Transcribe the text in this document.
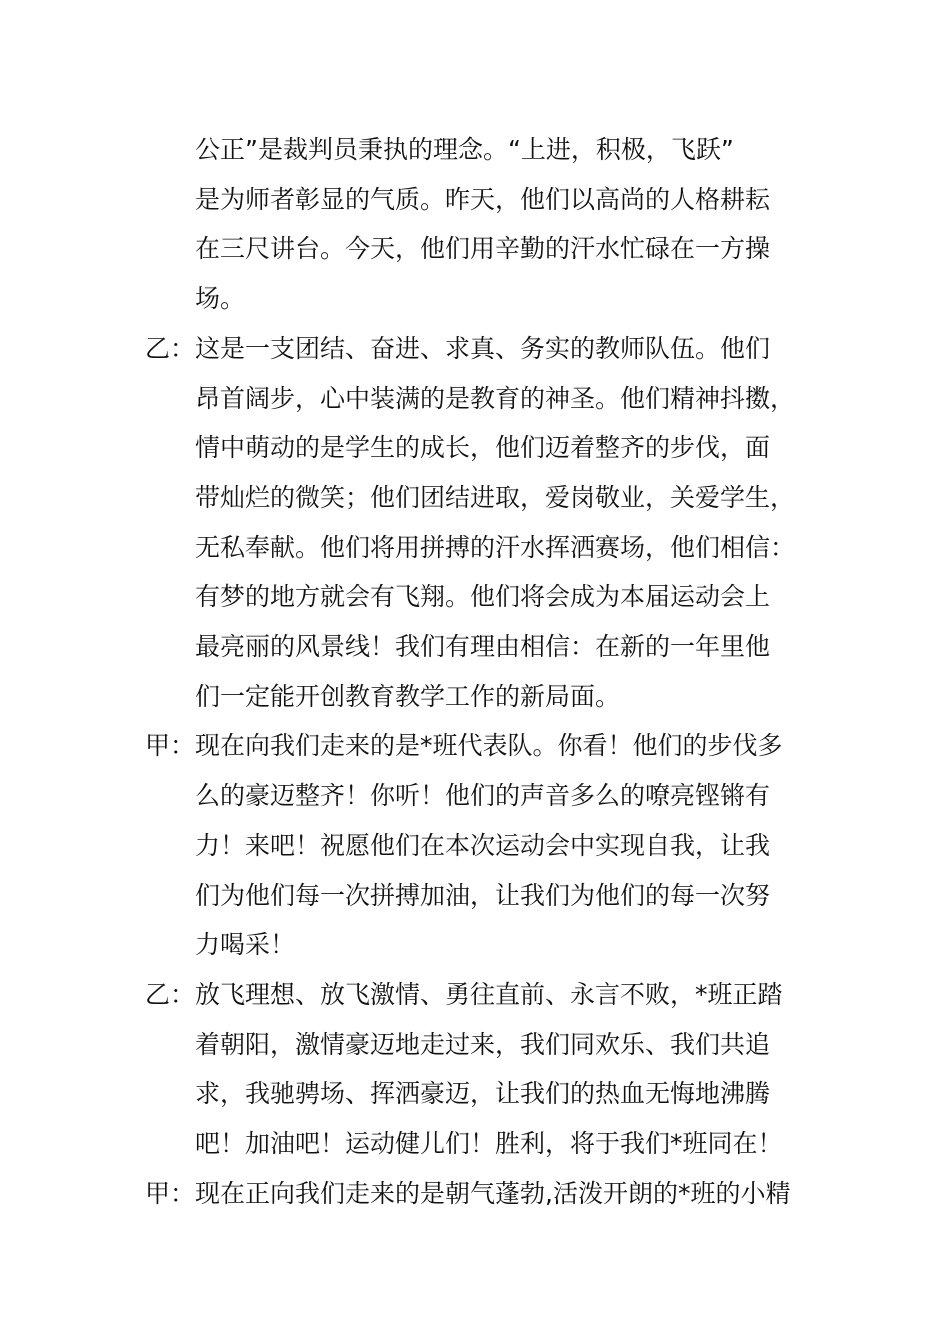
公正”是裁判员秉执的理念。“上进，积极，飞跃”
是为师者彰显的气质。昨天，他们以高尚的人格耕耘
在三尺讲台。今天，他们用辛勤的汗水忙碌在一方操
场。
乙： 这是一支团结、奋进、求真、务实的教师队伍。他们
昂首阔步，心中装满的是教育的神圣。他们精神抖擞，
情中萌动的是学生的成长，他们迈着整齐的步伐，面
带灿烂的微笑；他们团结进取，爱岗敬业，关爱学生，
无私奉献。他们将用拼搏的汗水挥洒赛场，他们相信：
有梦的地方就会有飞翔。他们将会成为本届运动会上
最亮丽的风景线！我们有理由相信：在新的一年里他
们一定能开创教育教学工作的新局面。
甲： 现在向我们走来的是*班代表队。你看！他们的步伐多
么的豪迈整齐！你听！他们的声音多么的嘹亮铿锵有
力！来吧！祝愿他们在本次运动会中实现自我，让我
们为他们每一次拼搏加油，让我们为他们的每一次努
力喝采！
乙： 放飞理想、放飞激情、勇往直前、永言不败，*班正踏
着朝阳，激情豪迈地走过来，我们同欢乐、我们共追
求，我驰骋场、挥洒豪迈，让我们的热血无悔地沸腾
吧！加油吧！运动健儿们！胜利，将于我们*班同在！
甲： 现在正向我们走来的是朝气蓬勃,活泼开朗的*班的小精
